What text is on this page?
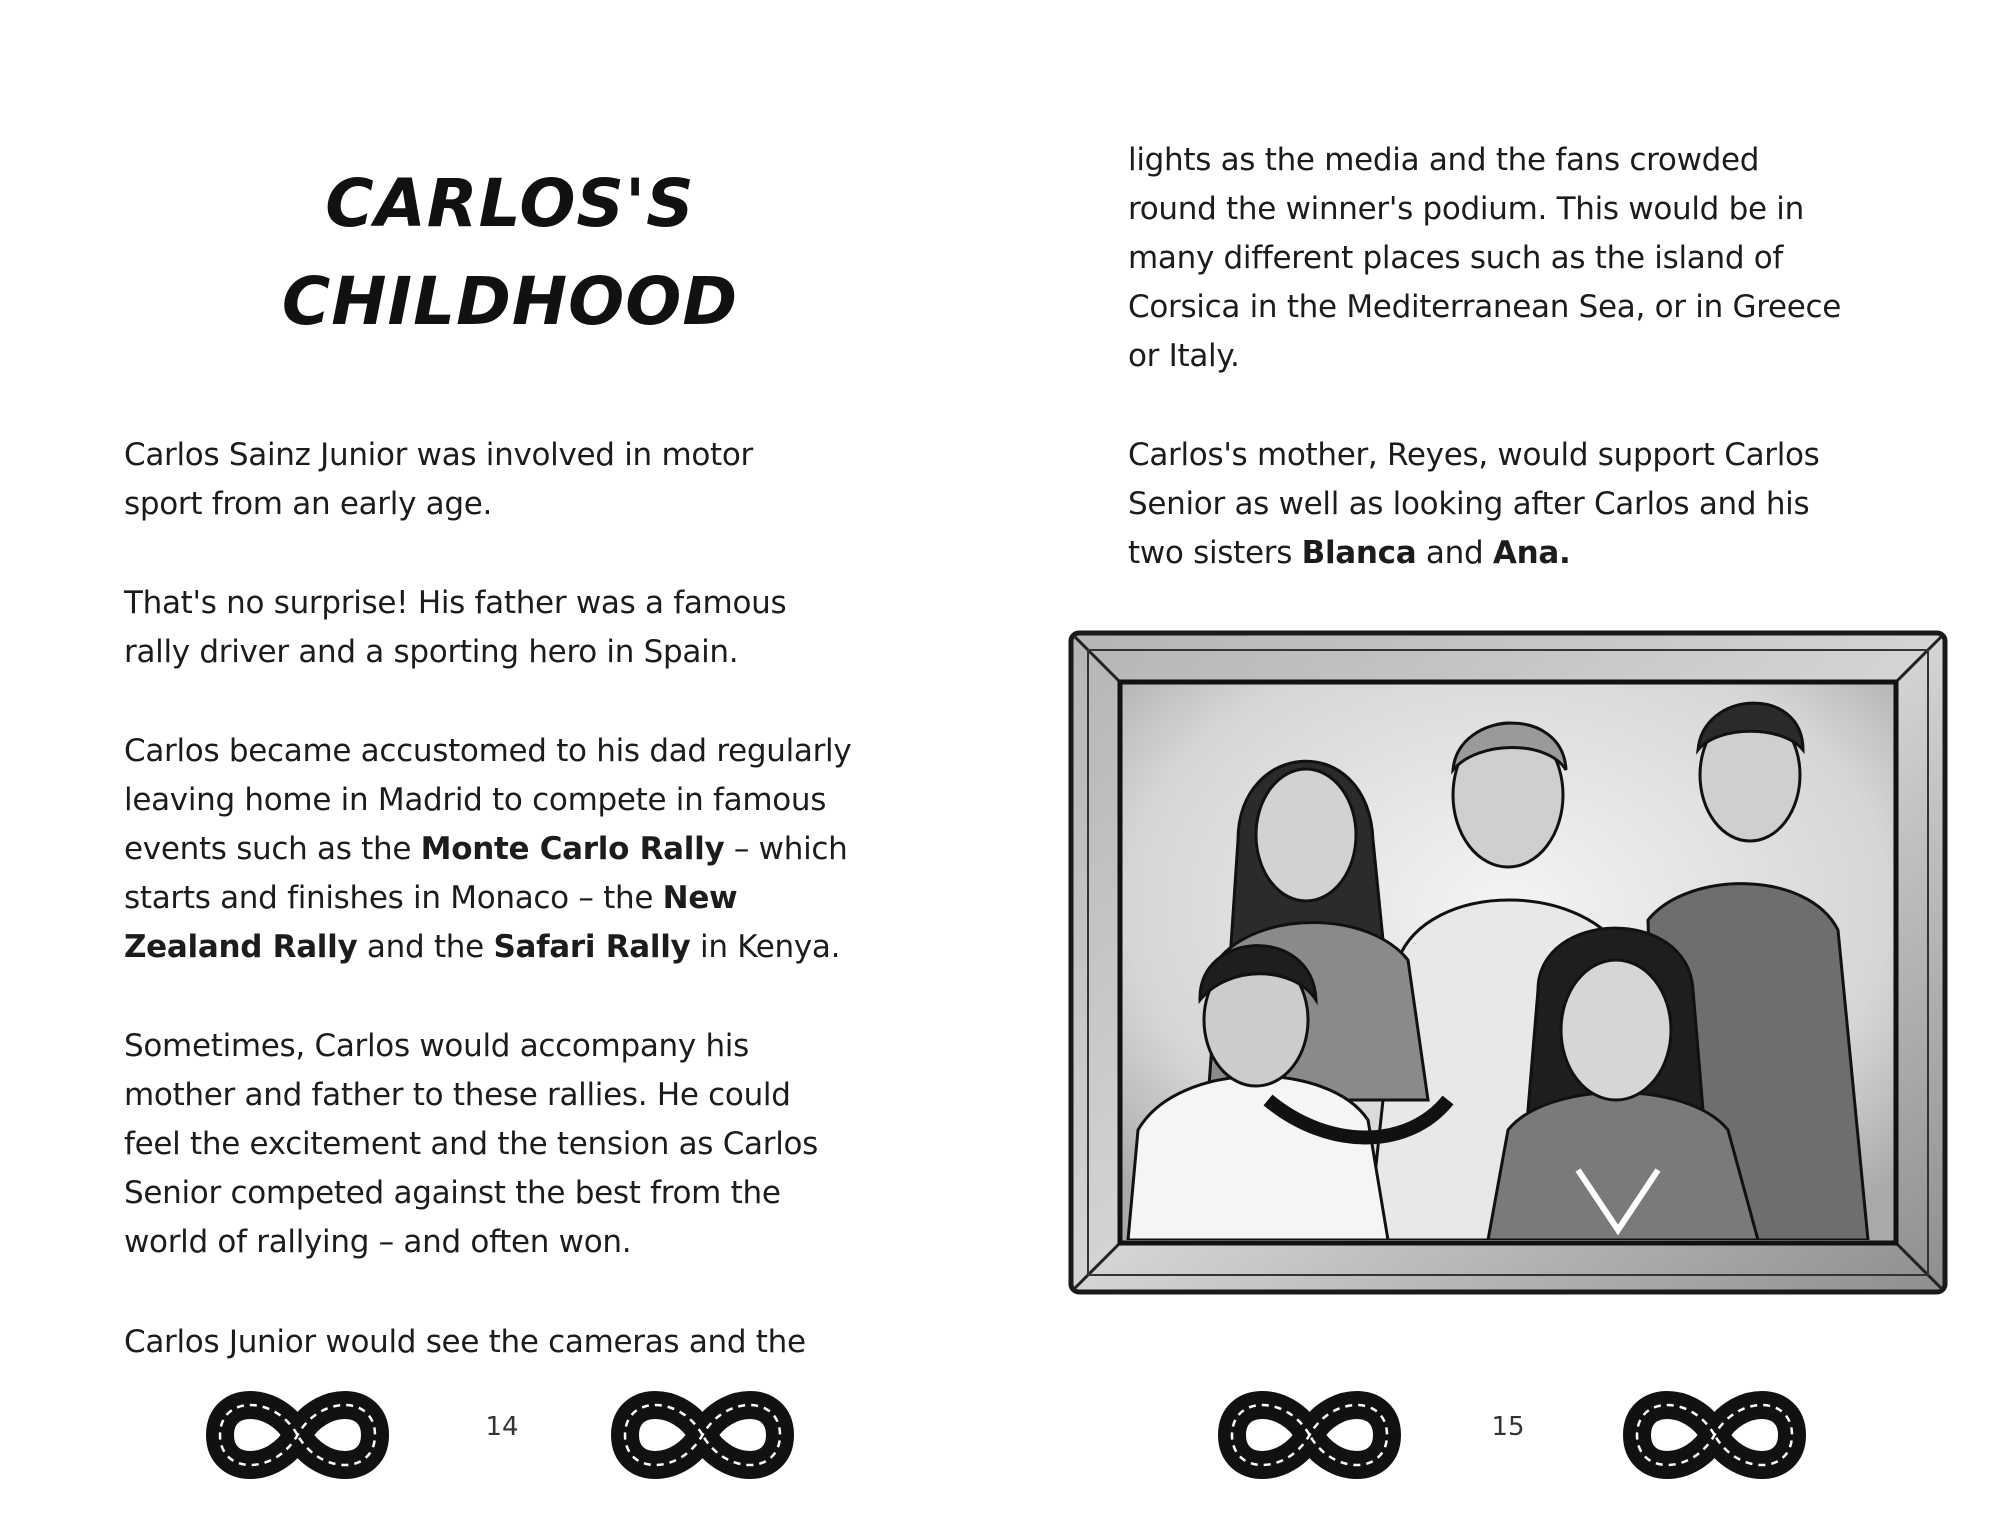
CARLOS'S
CHILDHOOD

Carlos Sainz Junior was involved in motor
sport from an early age.

That's no surprise! His father was a famous
rally driver and a sporting hero in Spain.

Carlos became accustomed to his dad regularly
leaving home in Madrid to compete in famous
events such as the Monte Carlo Rally – which
starts and finishes in Monaco – the New
Zealand Rally and the Safari Rally in Kenya.

Sometimes, Carlos would accompany his
mother and father to these rallies. He could
feel the excitement and the tension as Carlos
Senior competed against the best from the
world of rallying – and often won.

Carlos Junior would see the cameras and the

14

lights as the media and the fans crowded
round the winner's podium. This would be in
many different places such as the island of
Corsica in the Mediterranean Sea, or in Greece
or Italy.

Carlos's mother, Reyes, would support Carlos
Senior as well as looking after Carlos and his
two sisters Blanca and Ana.

15
